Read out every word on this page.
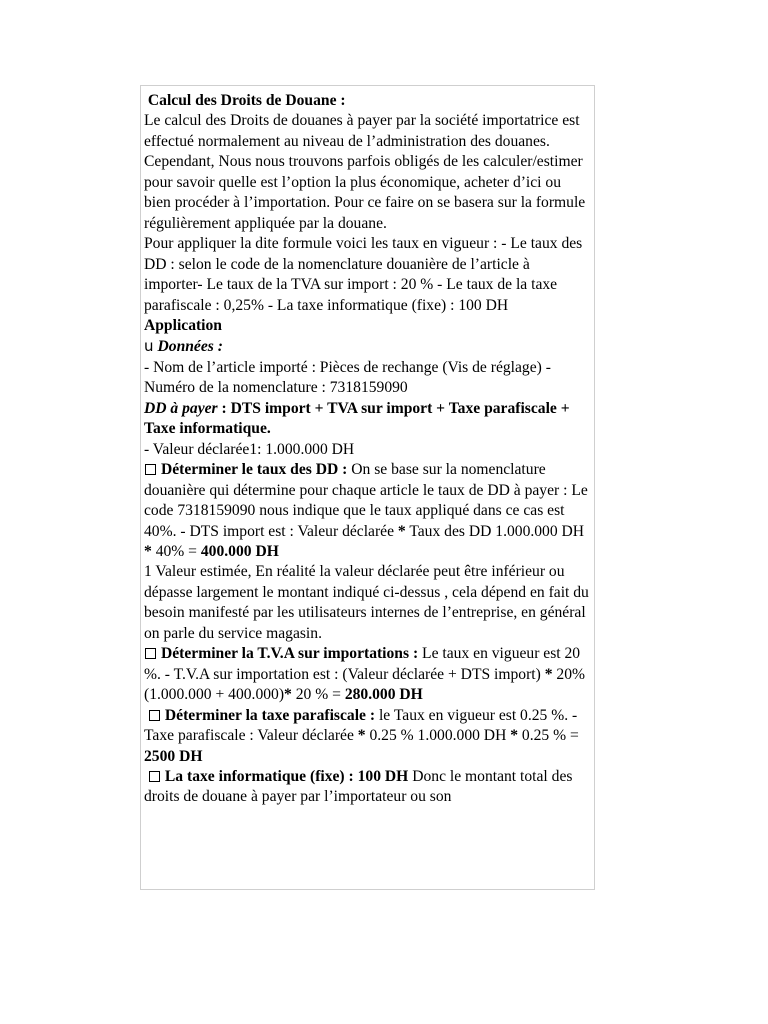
Calcul des Droits de Douane :

Le calcul des Droits de douanes à payer par la société importatrice est effectué normalement au niveau de l’administration des douanes. Cependant, Nous nous trouvons parfois obligés de les calculer/estimer pour savoir quelle est l’option la plus économique, acheter d’ici ou bien procéder à l’importation. Pour ce faire on se basera sur la formule régulièrement appliquée par la douane.

Pour appliquer la dite formule voici les taux en vigueur : - Le taux des DD : selon le code de la nomenclature douanière de l’article à importer- Le taux de la TVA sur import : 20 % - Le taux de la taxe parafiscale : 0,25% - La taxe informatique (fixe) : 100 DH

Application

u Données :

- Nom de l’article importé : Pièces de rechange (Vis de réglage) - Numéro de la nomenclature : 7318159090

DD à payer : DTS import + TVA sur import + Taxe parafiscale + Taxe informatique.

- Valeur déclarée1: 1.000.000 DH

Déterminer le taux des DD : On se base sur la nomenclature douanière qui détermine pour chaque article le taux de DD à payer : Le code 7318159090 nous indique que le taux appliqué dans ce cas est 40%. - DTS import est : Valeur déclarée * Taux des DD 1.000.000 DH * 40% = 400.000 DH

1 Valeur estimée, En réalité la valeur déclarée peut être inférieur ou dépasse largement le montant indiqué ci-dessus , cela dépend en fait du besoin manifesté par les utilisateurs internes de l’entreprise, en général on parle du service magasin.

Déterminer la T.V.A sur importations : Le taux en vigueur est 20 %. - T.V.A sur importation est : (Valeur déclarée + DTS import) * 20% (1.000.000 + 400.000)* 20 % = 280.000 DH

Déterminer la taxe parafiscale : le Taux en vigueur est 0.25 %. - Taxe parafiscale : Valeur déclarée * 0.25 % 1.000.000 DH * 0.25 % = 2500 DH

La taxe informatique (fixe) : 100 DH Donc le montant total des droits de douane à payer par l’importateur ou son
